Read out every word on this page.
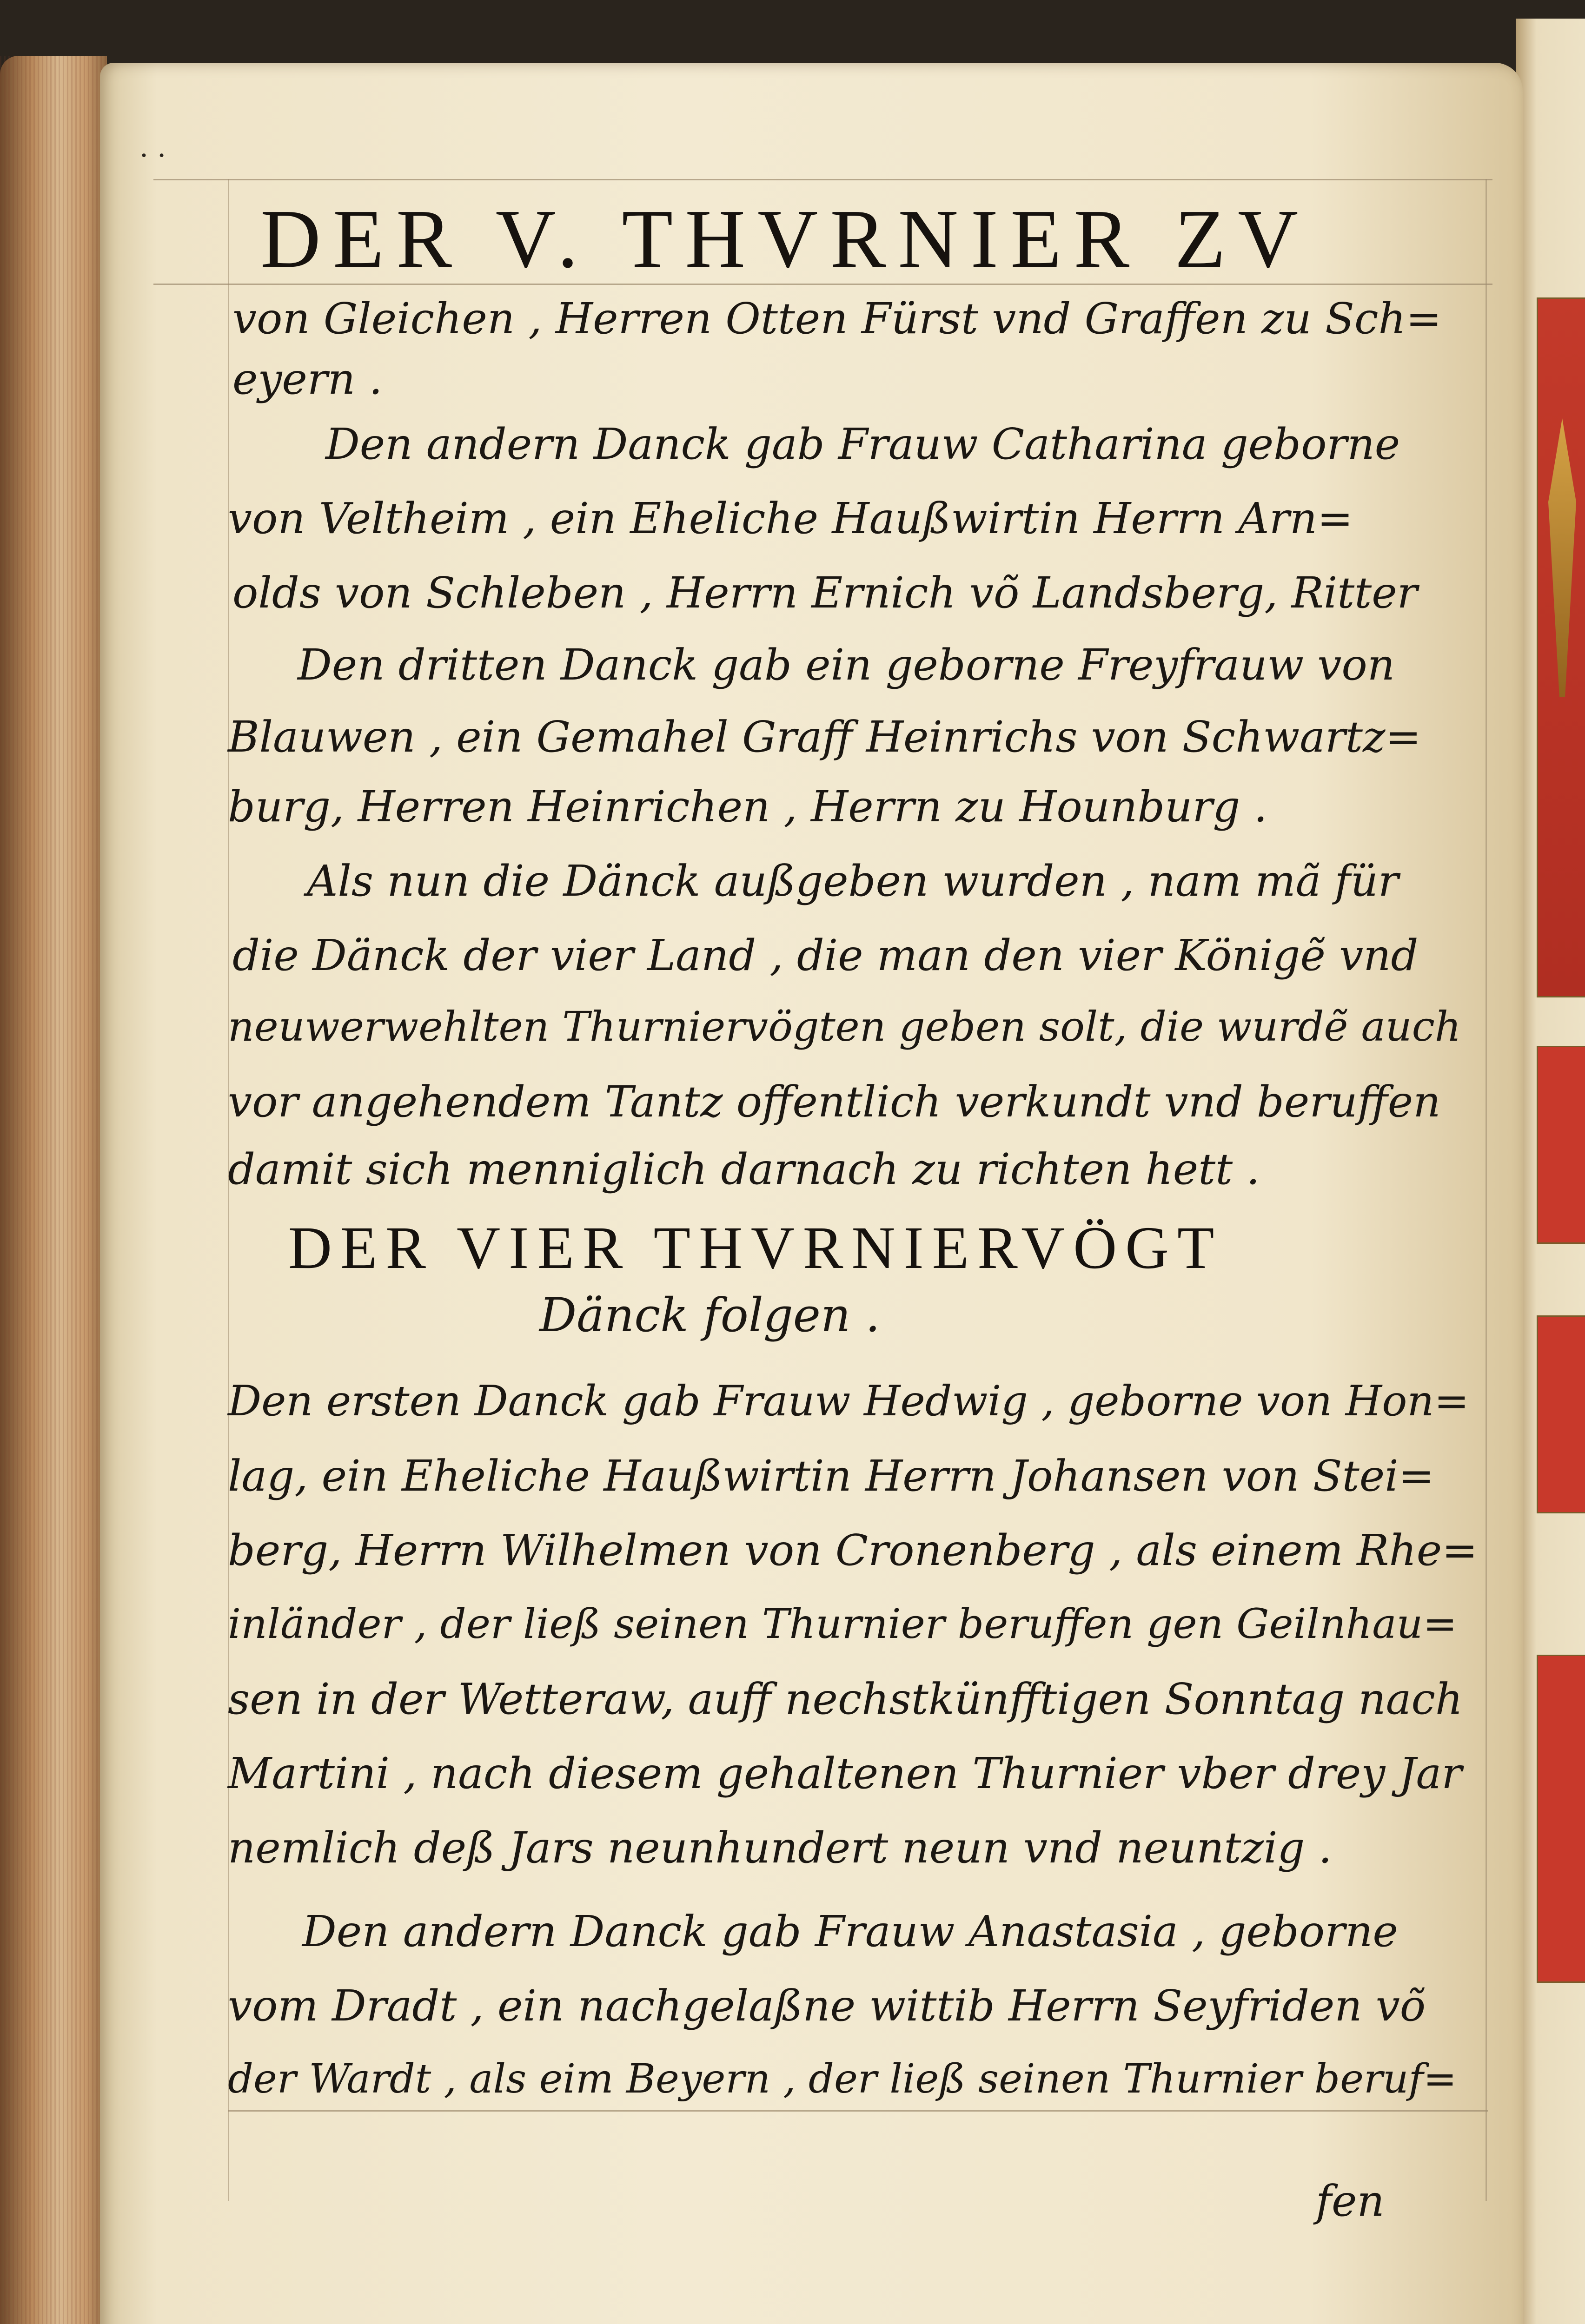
· ·
DER V. THVRNIER ZV
von Gleichen , Herren Otten Fürst vnd Graffen zu Sch=
eyern .
Den andern Danck gab Frauw Catharina geborne
von Veltheim , ein Eheliche Haußwirtin Herrn Arn=
olds von Schleben , Herrn Ernich võ Landsberg, Ritter
Den dritten Danck gab ein geborne Freyfrauw von
Blauwen , ein Gemahel Graff Heinrichs von Schwartz=
burg, Herren Heinrichen , Herrn zu Hounburg .
Als nun die Dänck außgeben wurden , nam mã für
die Dänck der vier Land , die man den vier Königẽ vnd
neuwerwehlten Thurniervögten geben solt, die wurdẽ auch
vor angehendem Tantz offentlich verkundt vnd beruffen
damit sich menniglich darnach zu richten hett .
DER VIER THVRNIERVÖGT
Dänck folgen .
Den ersten Danck gab Frauw Hedwig , geborne von Hon=
lag, ein Eheliche Haußwirtin Herrn Johansen von Stei=
berg, Herrn Wilhelmen von Cronenberg , als einem Rhe=
inländer , der ließ seinen Thurnier beruffen gen Geilnhau=
sen in der Wetteraw, auff nechstkünfftigen Sonntag nach
Martini , nach diesem gehaltenen Thurnier vber drey Jar
nemlich deß Jars neunhundert neun vnd neuntzig .
Den andern Danck gab Frauw Anastasia , geborne
vom Dradt , ein nachgelaßne wittib Herrn Seyfriden võ
der Wardt , als eim Beyern , der ließ seinen Thurnier beruf=
fen
